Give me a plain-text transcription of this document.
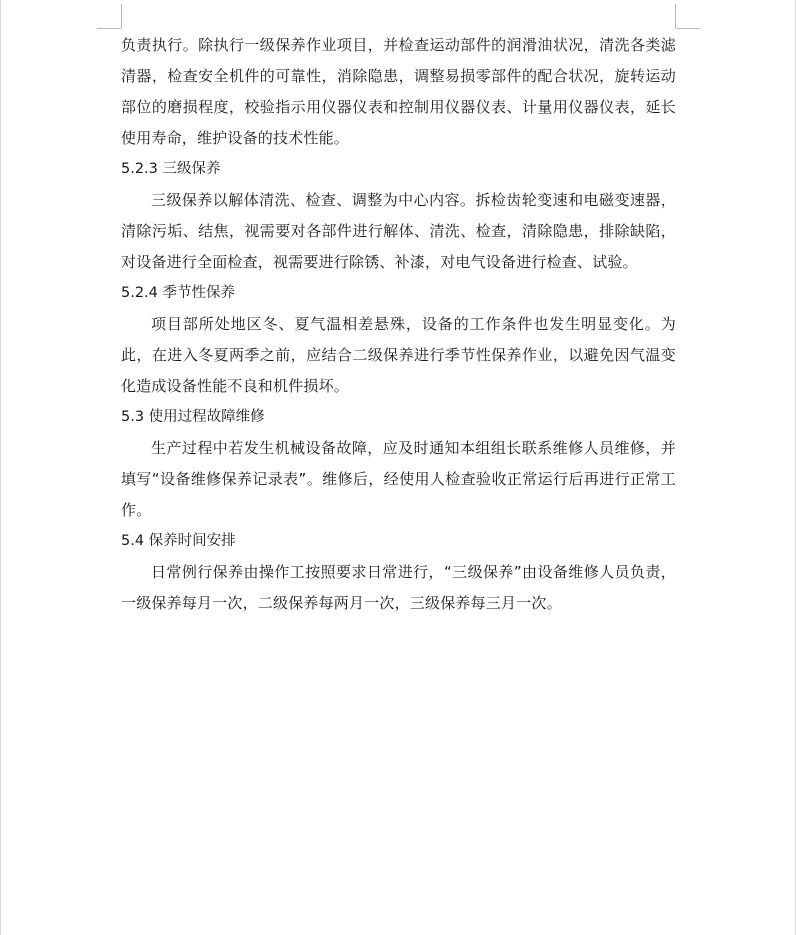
负责执行。除执行一级保养作业项目，并检查运动部件的润滑油状况，清洗各类滤清器，检查安全机件的可靠性，消除隐患，调整易损零部件的配合状况，旋转运动部位的磨损程度，校验指示用仪器仪表和控制用仪器仪表、计量用仪器仪表，延长使用寿命，维护设备的技术性能。

5.2.3 三级保养

三级保养以解体清洗、检查、调整为中心内容。拆检齿轮变速和电磁变速器，清除污垢、结焦，视需要对各部件进行解体、清洗、检查，清除隐患，排除缺陷，对设备进行全面检查，视需要进行除锈、补漆，对电气设备进行检查、试验。

5.2.4 季节性保养

项目部所处地区冬、夏气温相差悬殊，设备的工作条件也发生明显变化。为此，在进入冬夏两季之前，应结合二级保养进行季节性保养作业，以避免因气温变化造成设备性能不良和机件损坏。

5.3 使用过程故障维修

生产过程中若发生机械设备故障，应及时通知本组组长联系维修人员维修，并填写“设备维修保养记录表”。维修后，经使用人检查验收正常运行后再进行正常工作。

5.4 保养时间安排

日常例行保养由操作工按照要求日常进行，“三级保养”由设备维修人员负责，一级保养每月一次，二级保养每两月一次，三级保养每三月一次。
